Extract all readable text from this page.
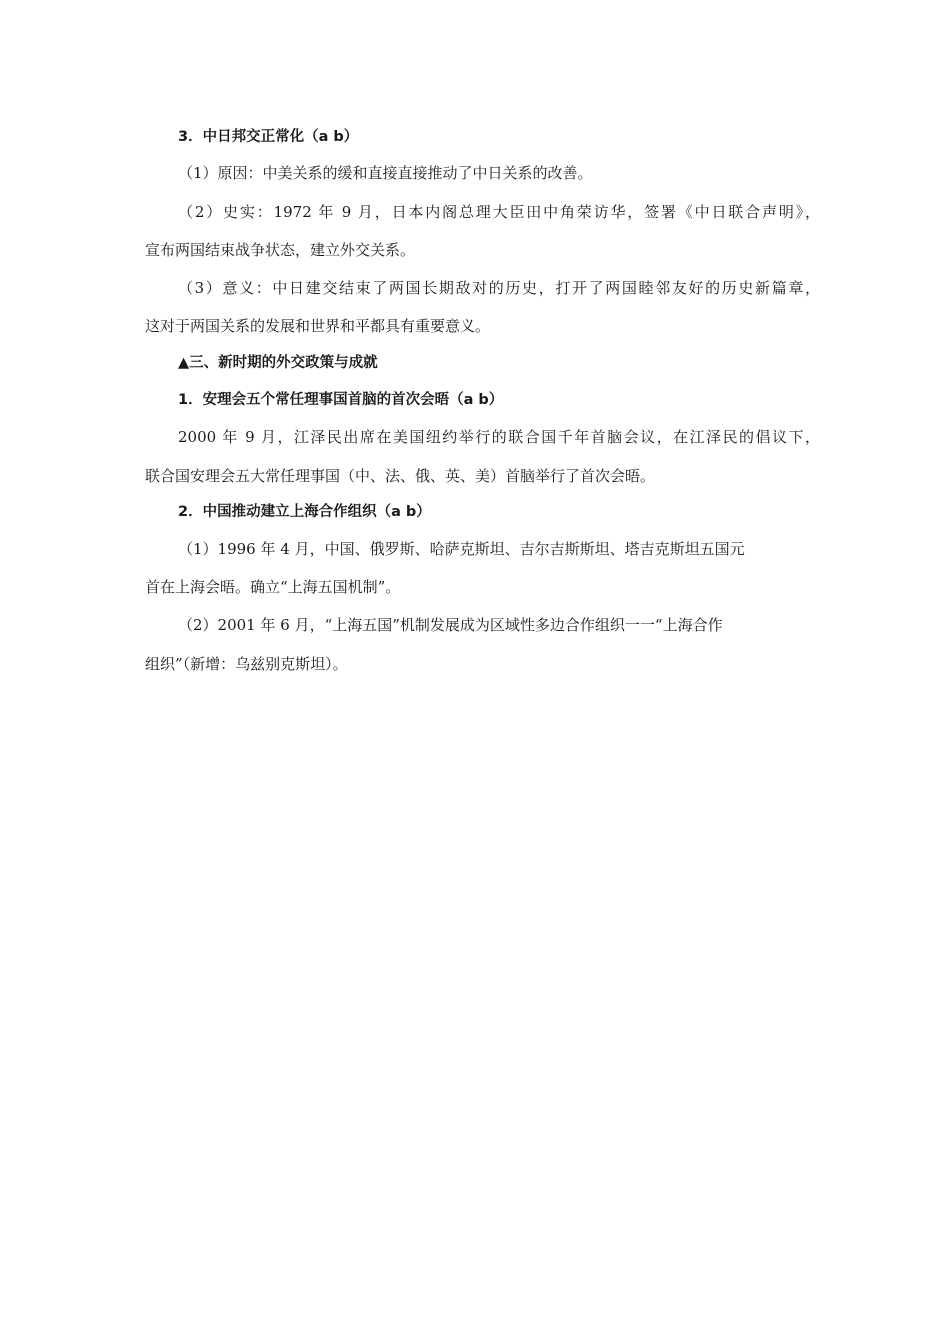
3．中日邦交正常化（a b）
（1）原因：中美关系的缓和直接直接推动了中日关系的改善。
（2）史实：1972 年 9 月，日本内阁总理大臣田中角荣访华，签署《中日联合声明》，
宣布两国结束战争状态，建立外交关系。
（3）意义：中日建交结束了两国长期敌对的历史，打开了两国睦邻友好的历史新篇章，
这对于两国关系的发展和世界和平都具有重要意义。
▲三、新时期的外交政策与成就
1．安理会五个常任理事国首脑的首次会晤（a b）
2000 年 9 月，江泽民出席在美国纽约举行的联合国千年首脑会议，在江泽民的倡议下，
联合国安理会五大常任理事国（中、法、俄、英、美）首脑举行了首次会晤。
2．中国推动建立上海合作组织（a b）
（1）1996 年 4 月，中国、俄罗斯、哈萨克斯坦、吉尔吉斯斯坦、塔吉克斯坦五国元
首在上海会晤。确立“上海五国机制”。
（2）2001 年 6 月，“上海五国”机制发展成为区域性多边合作组织一一“上海合作
组织”（新增：乌兹别克斯坦）。
